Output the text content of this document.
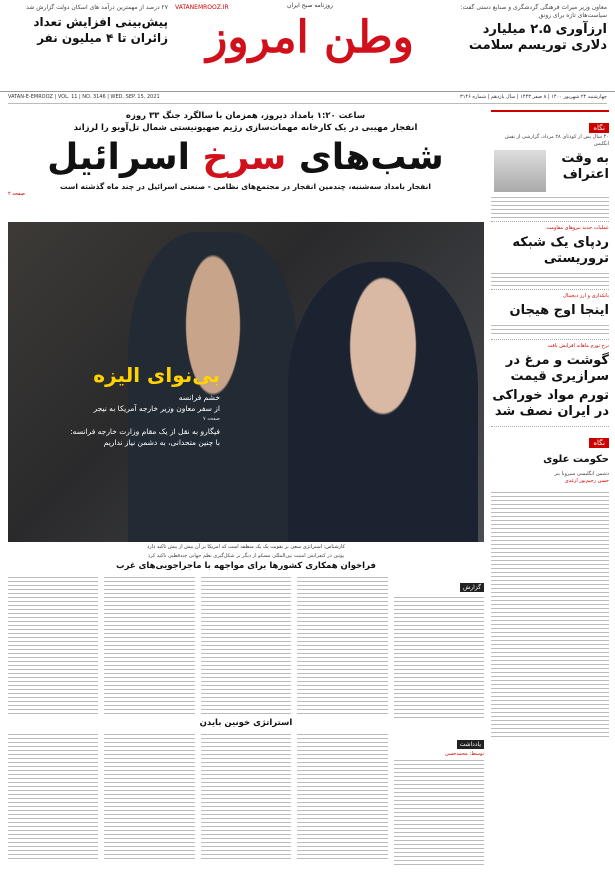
معاون وزیر میراث فرهنگی گردشگری و صنایع دستی گفت: سیاست‌های تازه برای رونق
ارزآوری ۲.۵ میلیارد دلاری توریسم سلامت
VATANEMROOZ.IR	روزنامه صبح ایران
وطن امروز
۲۷ درصد از مهمترین درآمد های اسکان دولت گزارش شد
پیش‌بینی افزایش تعداد زائران تا ۴ میلیون نفر
چهارشنبه ۲۴ شهریور ۱۴۰۰ | ۸ صفر ۱۴۴۳ | سال یازدهم | شماره ۳۱۴۶
VATAN-E-EMROOZ | VOL. 11 | NO. 3146 | WED. SEP. 15, 2021
نگاه
۴۰ سال پس از کودتای ۲۸ مرداد، گزارشی از نقش انگلیس
به وقت اعتراف
عملیات جدید نیروهای مقاومت
ردپای یک شبکه تروریستی
بانکداری و ارز دیجیتال
اینجا اوج هیجان
نرخ تورم ماهانه افزایش یافت
گوشت و مرغ در سرازیری قیمت
تورم مواد خوراکی در ایران نصف شد
نگاه
حکومت علوی
دشمن انگلیسی سیرو‌یا بنر
حسن رحیم‌پور ازغدی
ساعت ۱:۲۰ بامداد دیروز، همزمان با سالگرد جنگ ۳۳ روزه
انفجار مهیبی در یک کارخانه مهمات‌سازی رژیم صهیونیستی شمال تل‌آویو را لرزاند
شب‌های سرخ اسرائیل
انفجار بامداد سه‌شنبه، چندمین انفجار در مجتمع‌های نظامی - صنعتی اسرائیل در چند ماه گذشته است
صفحه ۲
بی‌نوای الیزه
خشم فرانسه
از سفر معاون وزیر خارجه آمریکا به نیجر
صفحه ۷
فیگارو به نقل از یک مقام وزارت خارجه فرانسه:
با چنین متحدانی، به دشمن نیاز نداریم
کارشناس: استراتژی سعی بر تقویت یک یک منطقه است که امریکا بر آن بیش از پیش تاکید دارد
پوتین در کنفرانس امنیت بین‌المللی مسکو از دیگر بر شکل‌گیری نظم جهانی چندقطبی تاکید کرد
فراخوان همکاری کشورها برای مواجهه با ماجراجویی‌های غرب
گزارش
استراتژی خونین بایدن
یادداشت
توسط: محمدحسن
